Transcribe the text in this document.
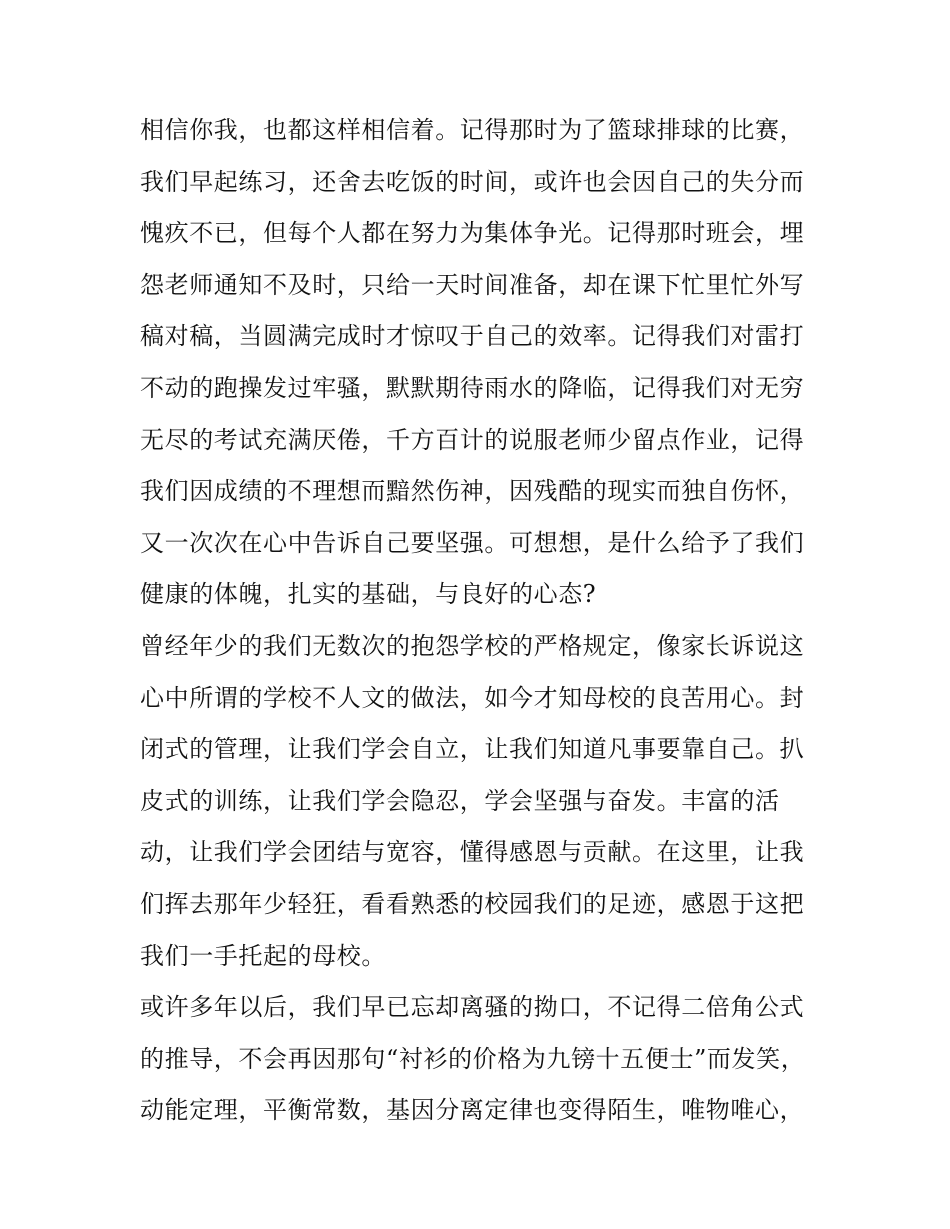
相信你我，也都这样相信着。记得那时为了篮球排球的比赛，
我们早起练习，还舍去吃饭的时间，或许也会因自己的失分而
愧疚不已，但每个人都在努力为集体争光。记得那时班会，埋
怨老师通知不及时，只给一天时间准备，却在课下忙里忙外写
稿对稿，当圆满完成时才惊叹于自己的效率。记得我们对雷打
不动的跑操发过牢骚，默默期待雨水的降临，记得我们对无穷
无尽的考试充满厌倦，千方百计的说服老师少留点作业，记得
我们因成绩的不理想而黯然伤神，因残酷的现实而独自伤怀，
又一次次在心中告诉自己要坚强。可想想，是什么给予了我们
健康的体魄，扎实的基础，与良好的心态?
曾经年少的我们无数次的抱怨学校的严格规定，像家长诉说这
心中所谓的学校不人文的做法，如今才知母校的良苦用心。封
闭式的管理，让我们学会自立，让我们知道凡事要靠自己。扒
皮式的训练，让我们学会隐忍，学会坚强与奋发。丰富的活
动，让我们学会团结与宽容，懂得感恩与贡献。在这里，让我
们挥去那年少轻狂，看看熟悉的校园我们的足迹，感恩于这把
我们一手托起的母校。
或许多年以后，我们早已忘却离骚的拗口，不记得二倍角公式
的推导，不会再因那句“衬衫的价格为九镑十五便士”而发笑，
动能定理，平衡常数，基因分离定律也变得陌生，唯物唯心，
